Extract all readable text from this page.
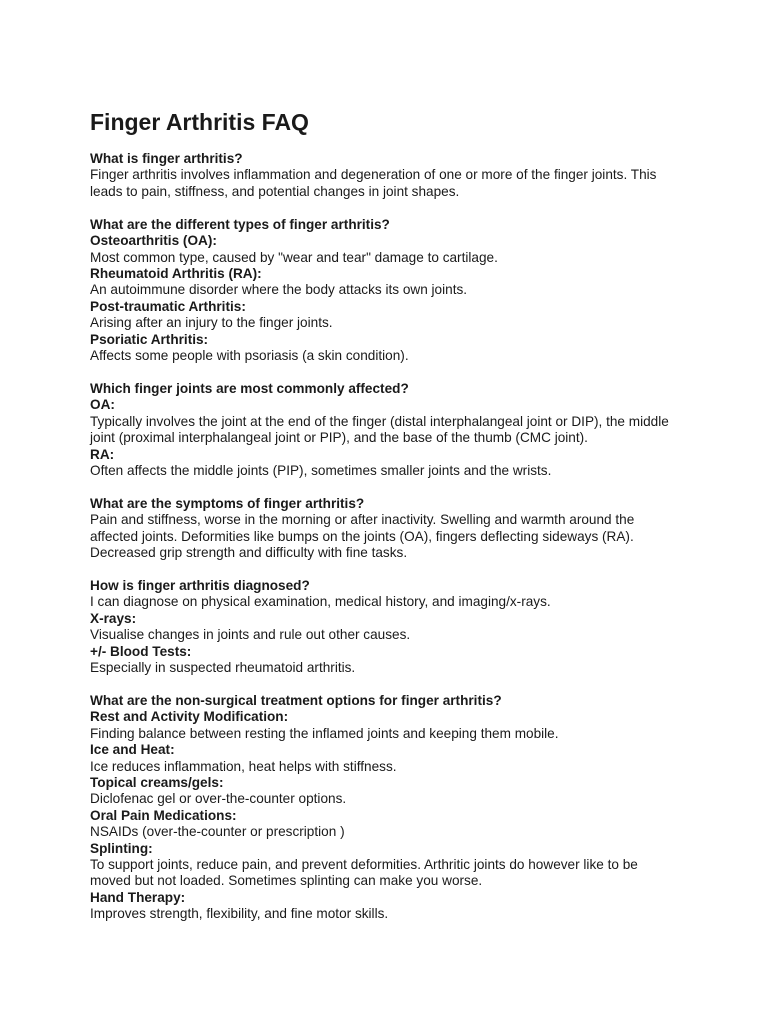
Finger Arthritis FAQ

What is finger arthritis?

Finger arthritis involves inflammation and degeneration of one or more of the finger joints. This leads to pain, stiffness, and potential changes in joint shapes.

What are the different types of finger arthritis?

Osteoarthritis (OA):

Most common type, caused by "wear and tear" damage to cartilage.

Rheumatoid Arthritis (RA):

An autoimmune disorder where the body attacks its own joints.

Post-traumatic Arthritis:

Arising after an injury to the finger joints.

Psoriatic Arthritis:

Affects some people with psoriasis (a skin condition).

Which finger joints are most commonly affected?

OA:

Typically involves the joint at the end of the finger (distal interphalangeal joint or DIP), the middle joint (proximal interphalangeal joint or PIP), and the base of the thumb (CMC joint).

RA:

Often affects the middle joints (PIP), sometimes smaller joints and the wrists.

What are the symptoms of finger arthritis?

Pain and stiffness, worse in the morning or after inactivity. Swelling and warmth around the affected joints. Deformities like bumps on the joints (OA), fingers deflecting sideways (RA). Decreased grip strength and difficulty with fine tasks.

How is finger arthritis diagnosed?

I can diagnose on physical examination, medical history, and imaging/x-rays.

X-rays:

Visualise changes in joints and rule out other causes.

+/- Blood Tests:

Especially in suspected rheumatoid arthritis.

What are the non-surgical treatment options for finger arthritis?

Rest and Activity Modification:

Finding balance between resting the inflamed joints and keeping them mobile.

Ice and Heat:

Ice reduces inflammation, heat helps with stiffness.

Topical creams/gels:

Diclofenac gel or over-the-counter options.

Oral Pain Medications:

NSAIDs (over-the-counter or prescription )

Splinting:

To support joints, reduce pain, and prevent deformities. Arthritic joints do however like to be moved but not loaded. Sometimes splinting can make you worse.

Hand Therapy:

Improves strength, flexibility, and fine motor skills.
